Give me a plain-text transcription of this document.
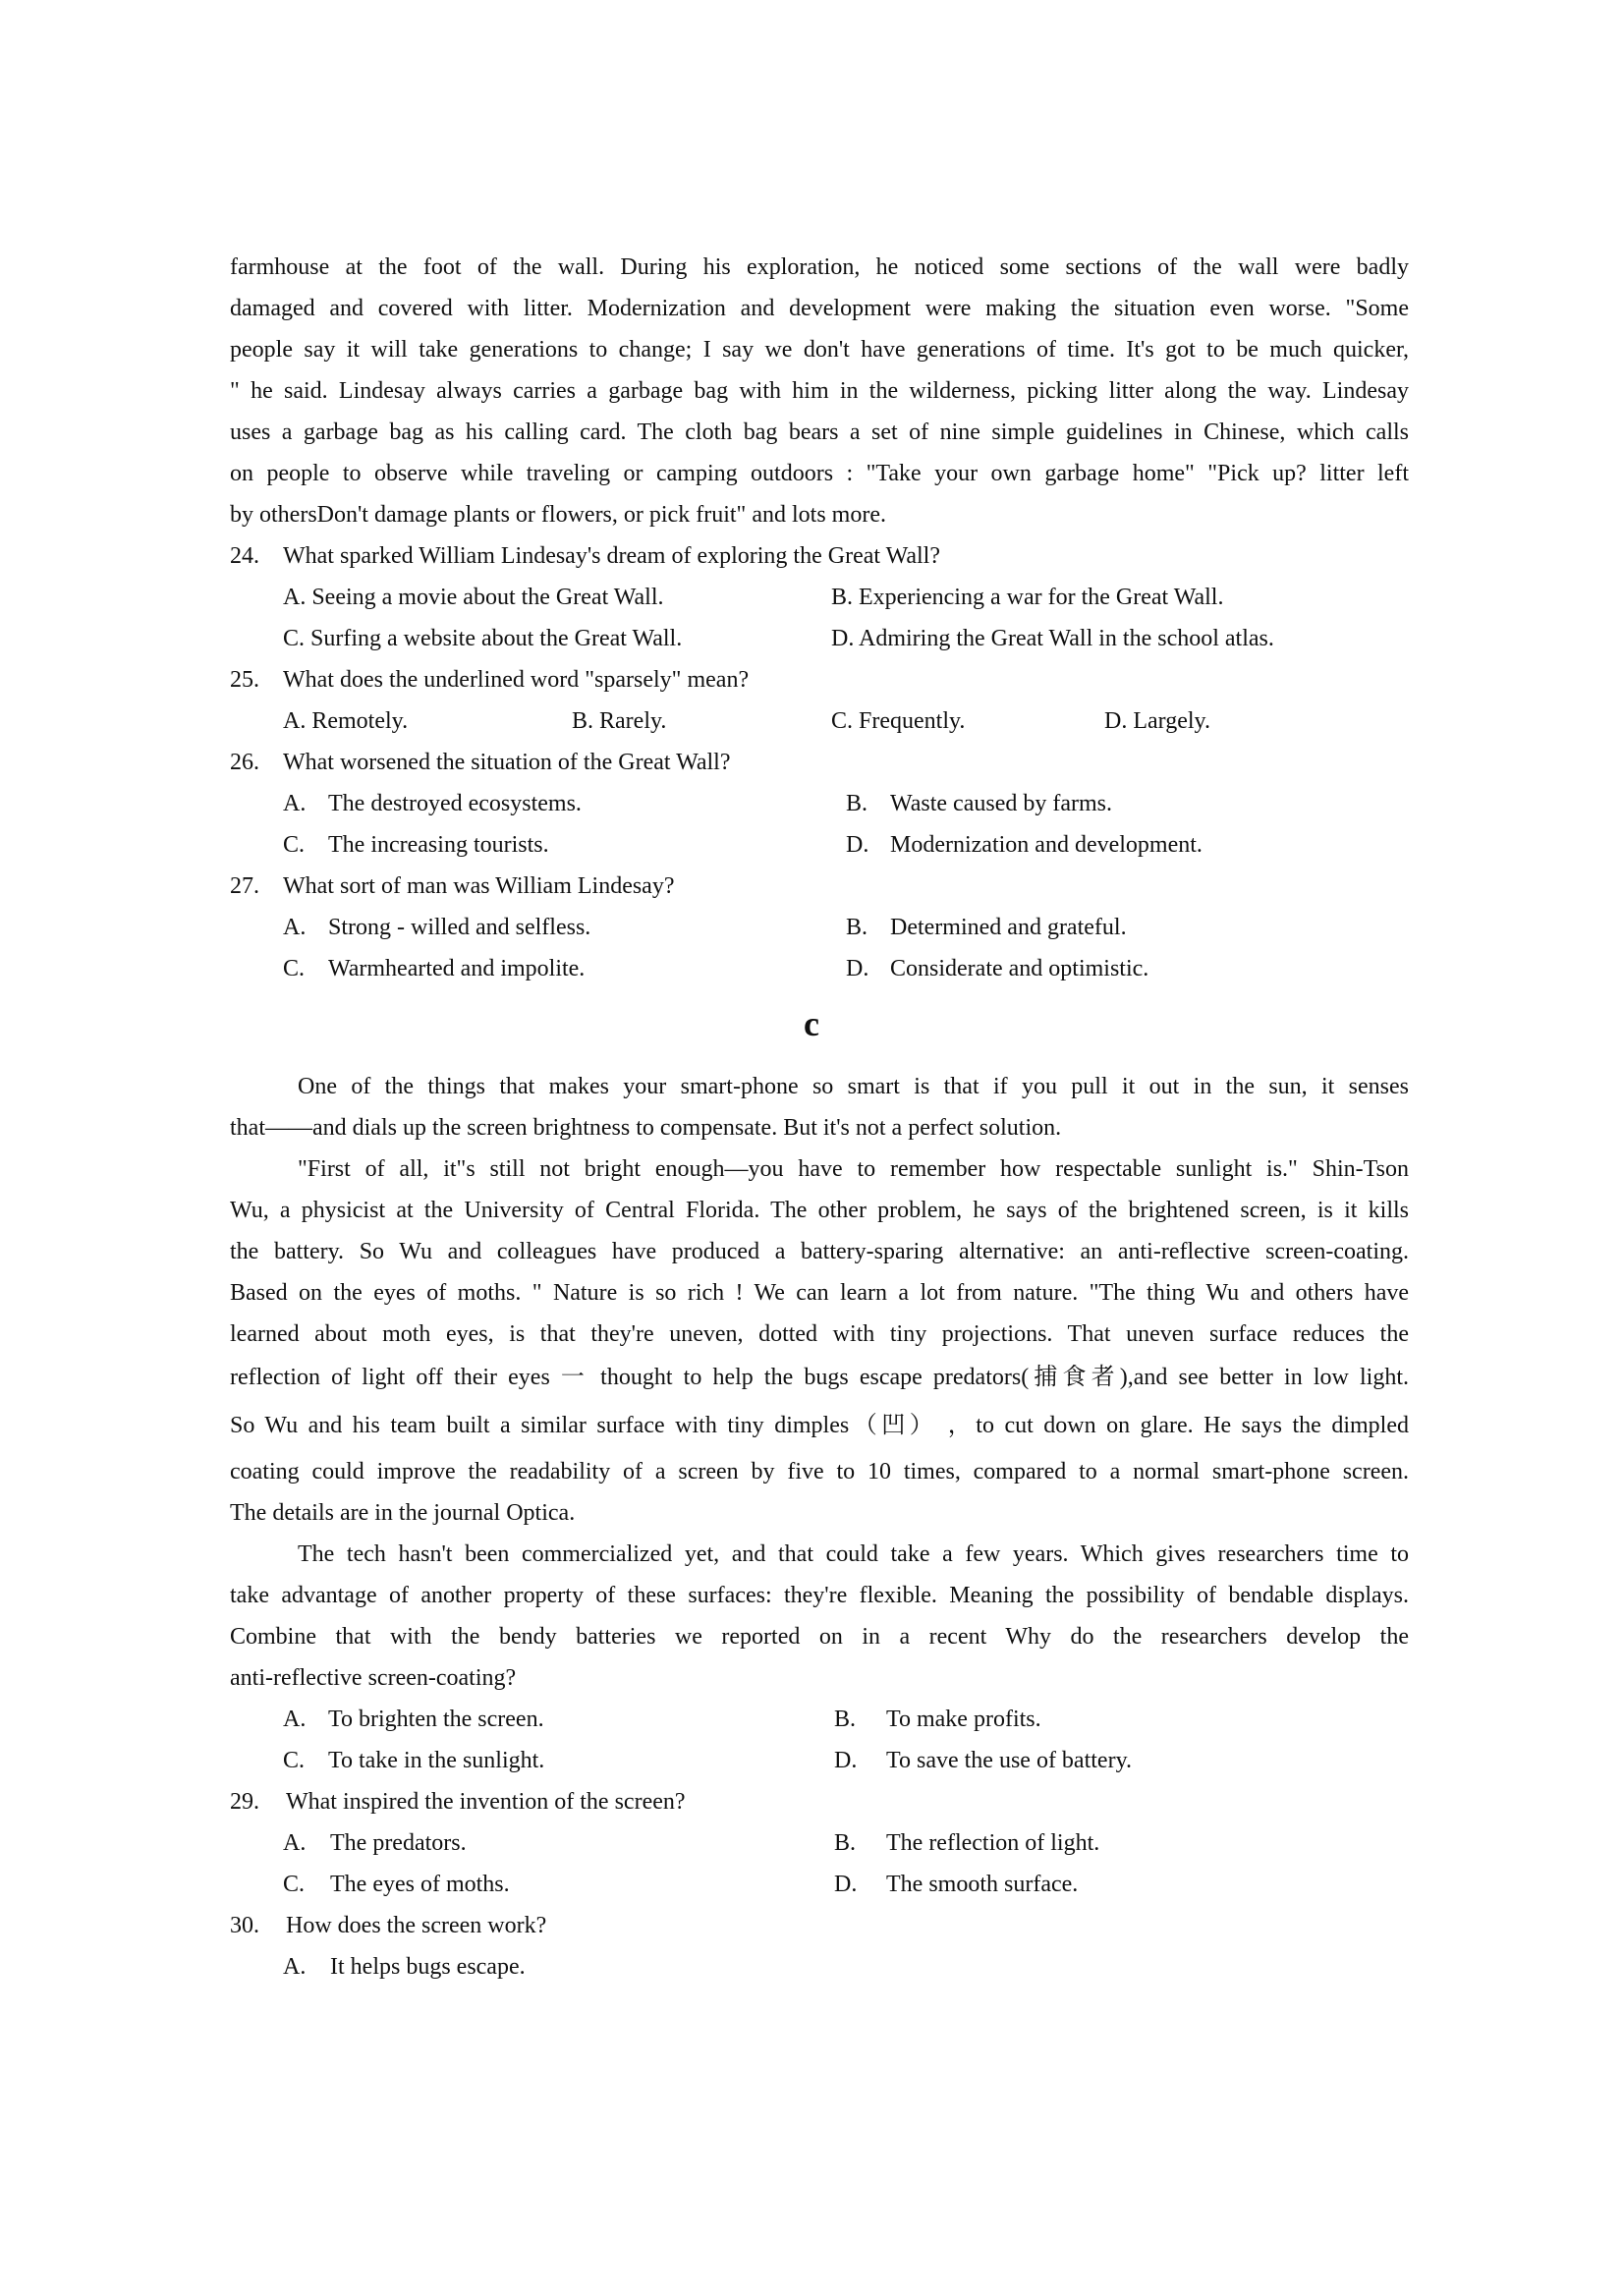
farmhouse at the foot of the wall. During his exploration, he noticed some sections of the wall were badly
damaged and covered with litter. Modernization and development were making the situation even worse. "Some
people say it will take generations to change; I say we don't have generations of time. It's got to be much quicker,
" he said. Lindesay always carries a garbage bag with him in the wilderness, picking litter along the way. Lindesay
uses a garbage bag as his calling card. The cloth bag bears a set of nine simple guidelines in Chinese, which calls
on people to observe while traveling or camping outdoors : "Take your own garbage home" "Pick up? litter left
by othersDon't damage plants or flowers, or pick fruit" and lots more.
24. What sparked William Lindesay's dream of exploring the Great Wall?
A. Seeing a movie about the Great Wall.	B. Experiencing a war for the Great Wall.
C. Surfing a website about the Great Wall.	D. Admiring the Great Wall in the school atlas.
25. What does the underlined word "sparsely" mean?
A. Remotely.	B. Rarely.	C. Frequently.	D. Largely.
26. What worsened the situation of the Great Wall?
A. The destroyed ecosystems.	B. Waste caused by farms.
C. The increasing tourists.	D. Modernization and development.
27. What sort of man was William Lindesay?
A. Strong - willed and selfless.	B. Determined and grateful.
C. Warmhearted and impolite.	D. Considerate and optimistic.
c
One of the things that makes your smart-phone so smart is that if you pull it out in the sun, it senses
that——and dials up the screen brightness to compensate. But it's not a perfect solution.
"First of all, it"s still not bright enough—you have to remember how respectable sunlight is." Shin-Tson
Wu, a physicist at the University of Central Florida. The other problem, he says of the brightened screen, is it kills
the battery. So Wu and colleagues have produced a battery-sparing alternative: an anti-reflective screen-coating.
Based on the eyes of moths. " Nature is so rich ! We can learn a lot from nature. "The thing Wu and others have
learned about moth eyes, is that they're uneven, dotted with tiny projections. That uneven surface reduces the
reflection of light off their eyes 一 thought to help the bugs escape predators(捕食者),and see better in low light.
So Wu and his team built a similar surface with tiny dimples（凹） ，to cut down on glare. He says the dimpled
coating could improve the readability of a screen by five to 10 times, compared to a normal smart-phone screen.
The details are in the journal Optica.
The tech hasn't been commercialized yet, and that could take a few years. Which gives researchers time to
take advantage of another property of these surfaces: they're flexible. Meaning the possibility of bendable displays.
Combine that with the bendy batteries we reported on in a recent Why do the researchers develop the
anti-reflective screen-coating?
A. To brighten the screen.	B. To make profits.
C. To take in the sunlight.	D. To save the use of battery.
29. What inspired the invention of the screen?
A. The predators.	B. The reflection of light.
C. The eyes of moths.	D. The smooth surface.
30. How does the screen work?
A. It helps bugs escape.
